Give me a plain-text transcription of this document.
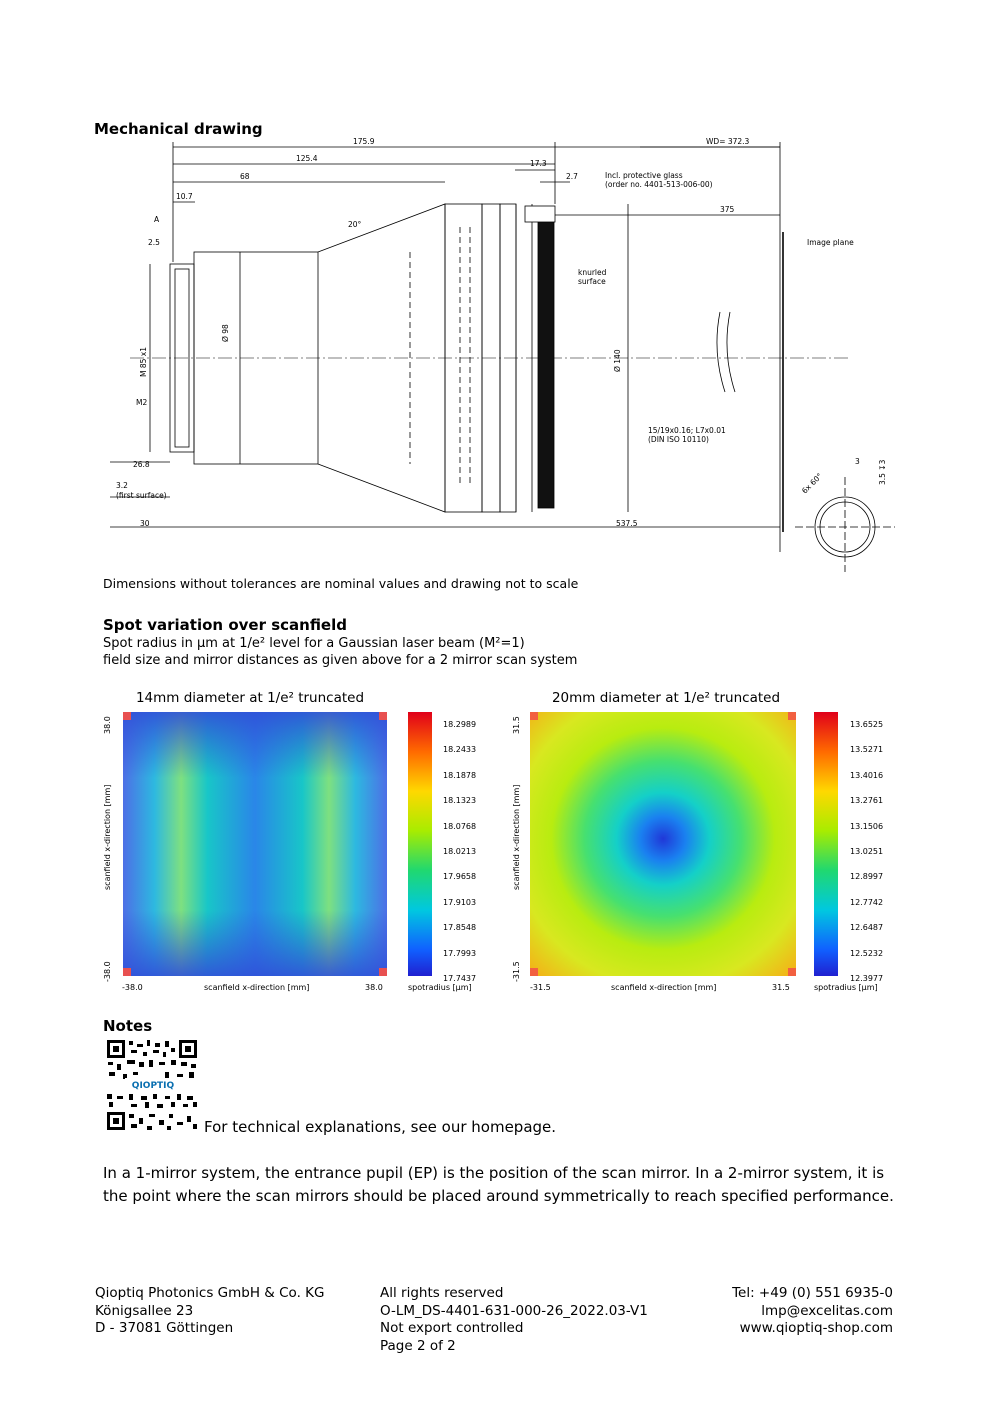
Mechanical drawing
175.9
125.4
68
10.7
2.5
A
17.3
2.7
WD= 372.3
375
20°
Ø 98
Ø 140
M 85 x1
M2
26.8
3.2
(first surface)
30	537.5
3 3.5 ↧3
6x 60°
Image plane
knurled
surface
Incl. protective glass
(order no. 4401-513-006-00)
15/19x0.16; L7x0.01
(DIN ISO 10110)
Dimensions without tolerances are nominal values and drawing not to scale
Spot variation over scanfield
Spot radius in µm at 1/e² level for a Gaussian laser beam (M²=1)
field size and mirror distances as given above for a 2 mirror scan system
14mm diameter at 1/e² truncated
38.0
-38.0
scanfield x-direction [mm]
-38.0	38.0
scanfield x-direction [mm]	spotradius [µm]
18.2989
18.2433
18.1878
18.1323
18.0768
18.0213
17.9658
17.9103
17.8548
17.7993
17.7437
20mm diameter at 1/e² truncated
31.5
-31.5
scanfield x-direction [mm]
-31.5	31.5
scanfield x-direction [mm]	spotradius [µm]
13.6525
13.5271
13.4016
13.2761
13.1506
13.0251
12.8997
12.7742
12.6487
12.5232
12.3977
Notes
QIOPTIQ
For technical explanations, see our homepage.
In a 1-mirror system, the entrance pupil (EP) is the position of the scan mirror. In a 2-mirror system, it is the point where the scan mirrors should be placed around symmetrically to reach specified performance.
Qioptiq Photonics GmbH & Co. KG
Königsallee 23
D - 37081 Göttingen
All rights reserved
O-LM_DS-4401-631-000-26_2022.03-V1
Not export controlled
Page 2 of 2
Tel: +49 (0) 551 6935-0
lmp@excelitas.com
www.qioptiq-shop.com
